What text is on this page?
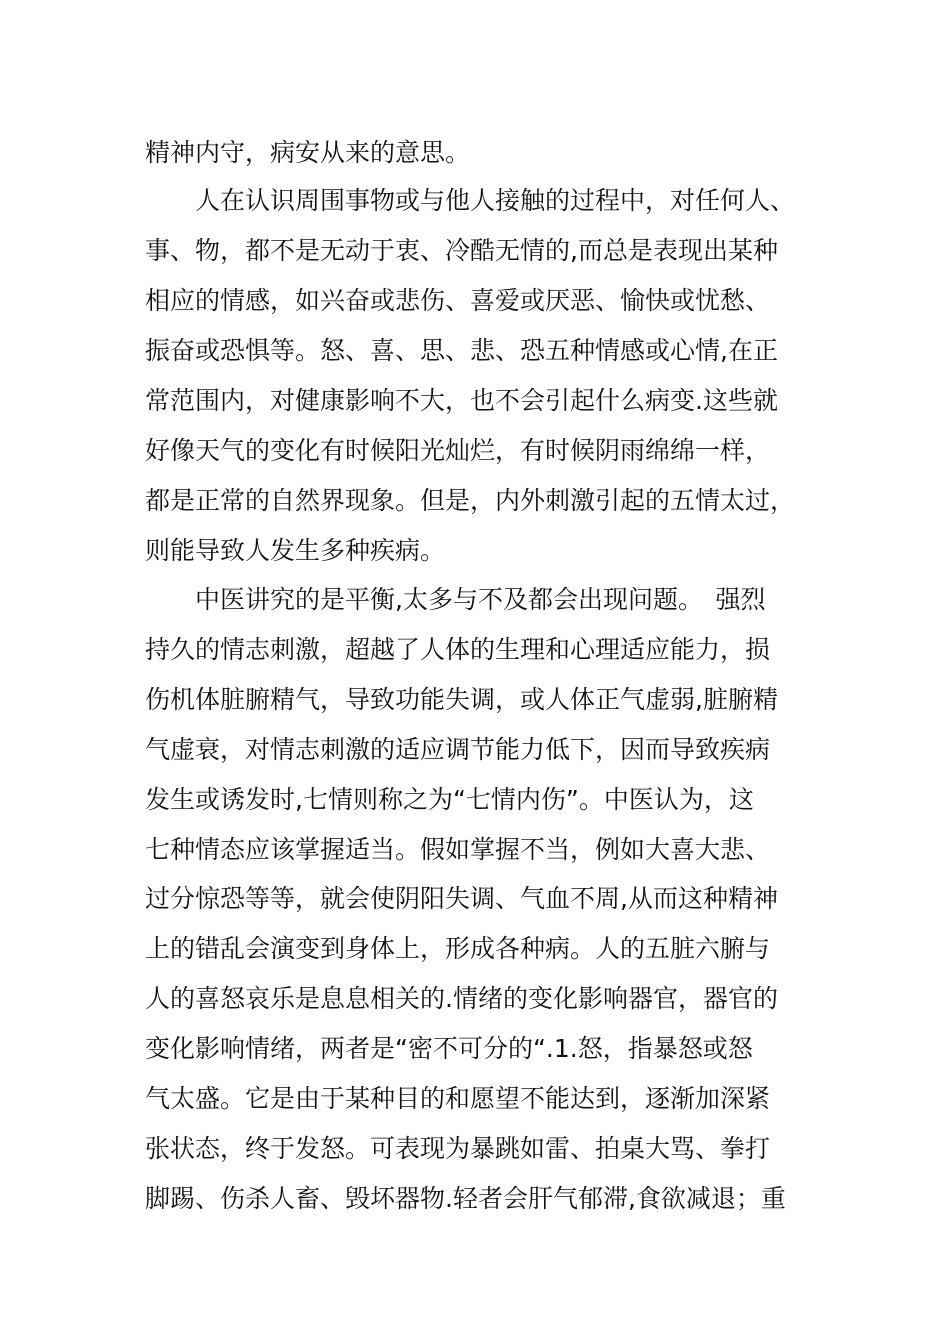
精神内守，病安从来的意思。
　　人在认识周围事物或与他人接触的过程中，对任何人、
事、物，都不是无动于衷、冷酷无情的,而总是表现出某种
相应的情感，如兴奋或悲伤、喜爱或厌恶、愉快或忧愁、
振奋或恐惧等。怒、喜、思、悲、恐五种情感或心情,在正
常范围内，对健康影响不大，也不会引起什么病变.这些就
好像天气的变化有时候阳光灿烂，有时候阴雨绵绵一样，
都是正常的自然界现象。但是，内外刺激引起的五情太过，
则能导致人发生多种疾病。
　　中医讲究的是平衡,太多与不及都会出现问题。　强烈
持久的情志刺激，超越了人体的生理和心理适应能力，损
伤机体脏腑精气，导致功能失调，或人体正气虚弱,脏腑精
气虚衰，对情志刺激的适应调节能力低下，因而导致疾病
发生或诱发时,七情则称之为“七情内伤”。中医认为，这
七种情态应该掌握适当。假如掌握不当，例如大喜大悲、
过分惊恐等等，就会使阴阳失调、气血不周,从而这种精神
上的错乱会演变到身体上，形成各种病。人的五脏六腑与
人的喜怒哀乐是息息相关的.情绪的变化影响器官，器官的
变化影响情绪，两者是“密不可分的“.1.怒，指暴怒或怒
气太盛。它是由于某种目的和愿望不能达到，逐渐加深紧
张状态，终于发怒。可表现为暴跳如雷、拍桌大骂、拳打
脚踢、伤杀人畜、毁坏器物.轻者会肝气郁滞,食欲减退；重
